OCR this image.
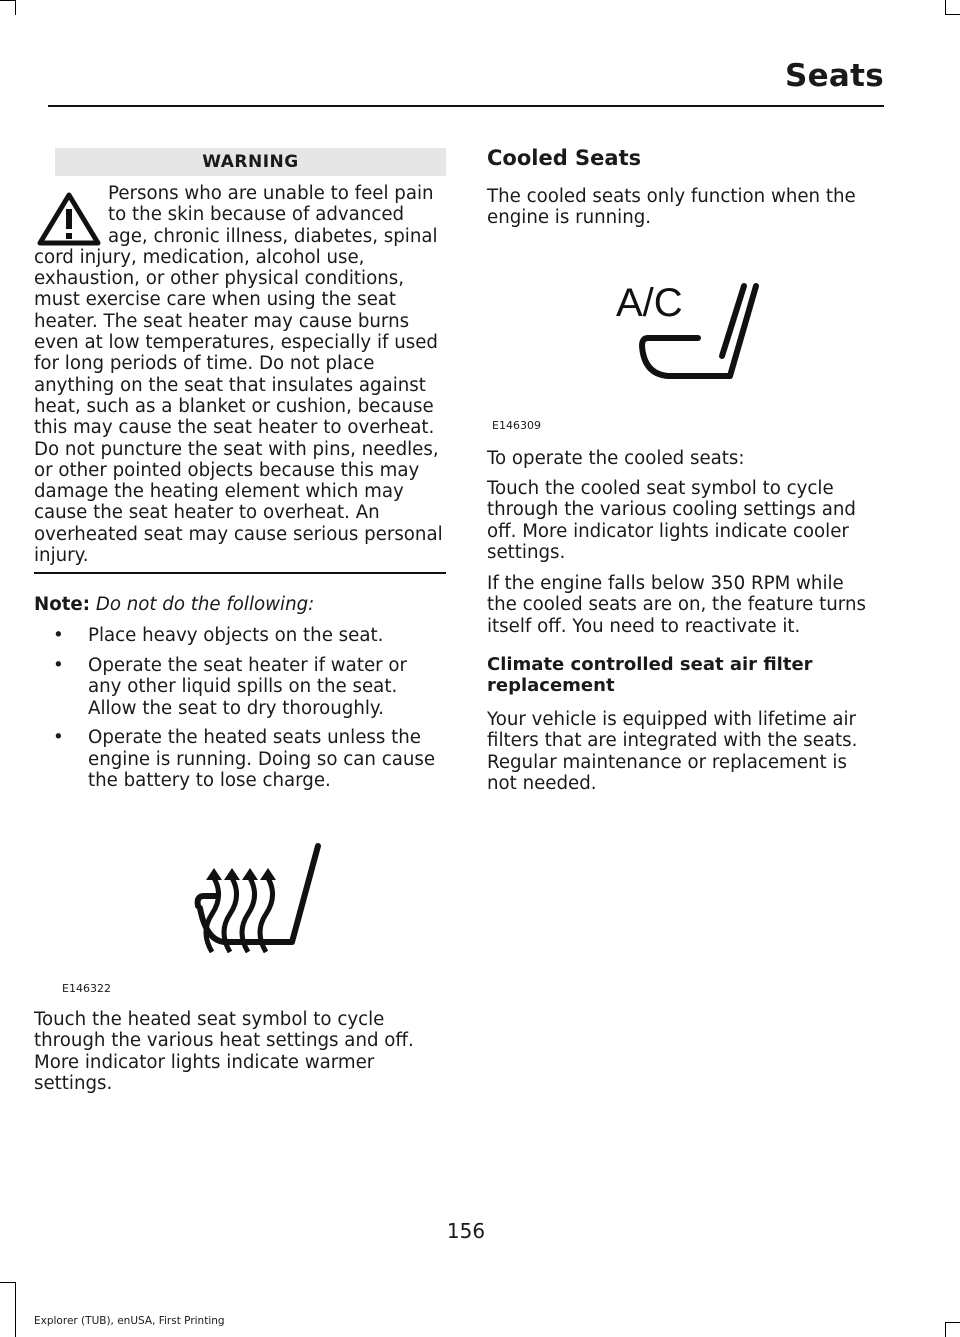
Seats
WARNING
Persons who are unable to feel pain to the skin because of advanced age, chronic illness, diabetes, spinal cord injury, medication, alcohol use, exhaustion, or other physical conditions, must exercise care when using the seat heater. The seat heater may cause burns even at low temperatures, especially if used for long periods of time. Do not place anything on the seat that insulates against heat, such as a blanket or cushion, because this may cause the seat heater to overheat. Do not puncture the seat with pins, needles, or other pointed objects because this may damage the heating element which may cause the seat heater to overheat. An overheated seat may cause serious personal injury.
Note: Do not do the following:
• Place heavy objects on the seat.
• Operate the seat heater if water or any other liquid spills on the seat. Allow the seat to dry thoroughly.
• Operate the heated seats unless the engine is running. Doing so can cause the battery to lose charge.
E146322
Touch the heated seat symbol to cycle through the various heat settings and off. More indicator lights indicate warmer settings.
Cooled Seats
The cooled seats only function when the engine is running.
A/C
E146309
To operate the cooled seats:
Touch the cooled seat symbol to cycle through the various cooling settings and off. More indicator lights indicate cooler settings.
If the engine falls below 350 RPM while the cooled seats are on, the feature turns itself off. You need to reactivate it.
Climate controlled seat air filter replacement
Your vehicle is equipped with lifetime air filters that are integrated with the seats. Regular maintenance or replacement is not needed.
156
Explorer (TUB), enUSA, First Printing
